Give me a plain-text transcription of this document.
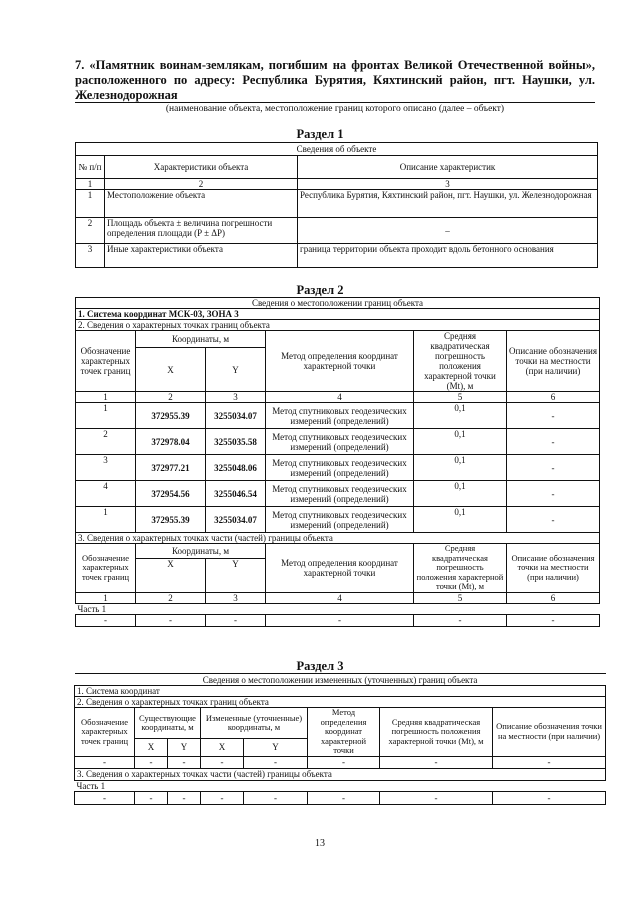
7. «Памятник воинам-землякам, погибшим на фронтах Великой Отечественной войны», расположенного по адресу: Республика Бурятия, Кяхтинский район, пгт. Наушки, ул. Железнодорожная
(наименование объекта, местоположение границ которого описано (далее – объект)
Раздел 1
Сведения об объекте		
№ п/п	Характеристики объекта	Описание характеристик
1	2	3
1	Местоположение объекта	Республика Бурятия, Кяхтинский район, пгт. Наушки, ул. Железнодорожная
2	Площадь объекта ± величина погрешности определения площади (P ± ΔP)	–
3	Иные характеристики объекта	граница территории объекта проходит вдоль бетонного основания
Раздел 2
Сведения о местоположении границ объекта					
1. Система координат МСК-03, ЗОНА 3					
2. Сведения о характерных точках границ объекта					
Обозначение характерных точек границ	Координаты, м		Метод определения координат характерной точки	Средняя квадратическая погрешность положения характерной точки (Mt), м	Описание обозначения точки на местности (при наличии)
	X	Y			
1	2	3	4	5	6
1	372955.39	3255034.07	Метод спутниковых геодезических измерений (определений)	0,1	-
2	372978.04	3255035.58	Метод спутниковых геодезических измерений (определений)	0,1	-
3	372977.21	3255048.06	Метод спутниковых геодезических измерений (определений)	0,1	-
4	372954.56	3255046.54	Метод спутниковых геодезических измерений (определений)	0,1	-
1	372955.39	3255034.07	Метод спутниковых геодезических измерений (определений)	0,1	-
3. Сведения о характерных точках части (частей) границы объекта					
Обозначение характерных точек границ	Координаты, м		Метод определения координат характерной точки	Средняя квадратическая погрешность положения характерной точки (Mt), м	Описание обозначения точки на местности (при наличии)
	X	Y			
1	2	3	4	5	6
Часть 1					
-	-	-	-	-	-
Раздел 3
Сведения о местоположении измененных (уточненных) границ объекта							
1. Система координат							
2. Сведения о характерных точках границ объекта							
Обозначение характерных точек границ	Существующие координаты, м		Измененные (уточненные) координаты, м		Метод определения координат характерной точки	Средняя квадратическая погрешность положения характерной точки (Mt), м	Описание обозначения точки на местности (при наличии)
	X	Y	X	Y			
-	-	-	-	-	-	-	-
3. Сведения о характерных точках части (частей) границы объекта							
Часть 1							
-	-	-	-	-	-	-	-
13
